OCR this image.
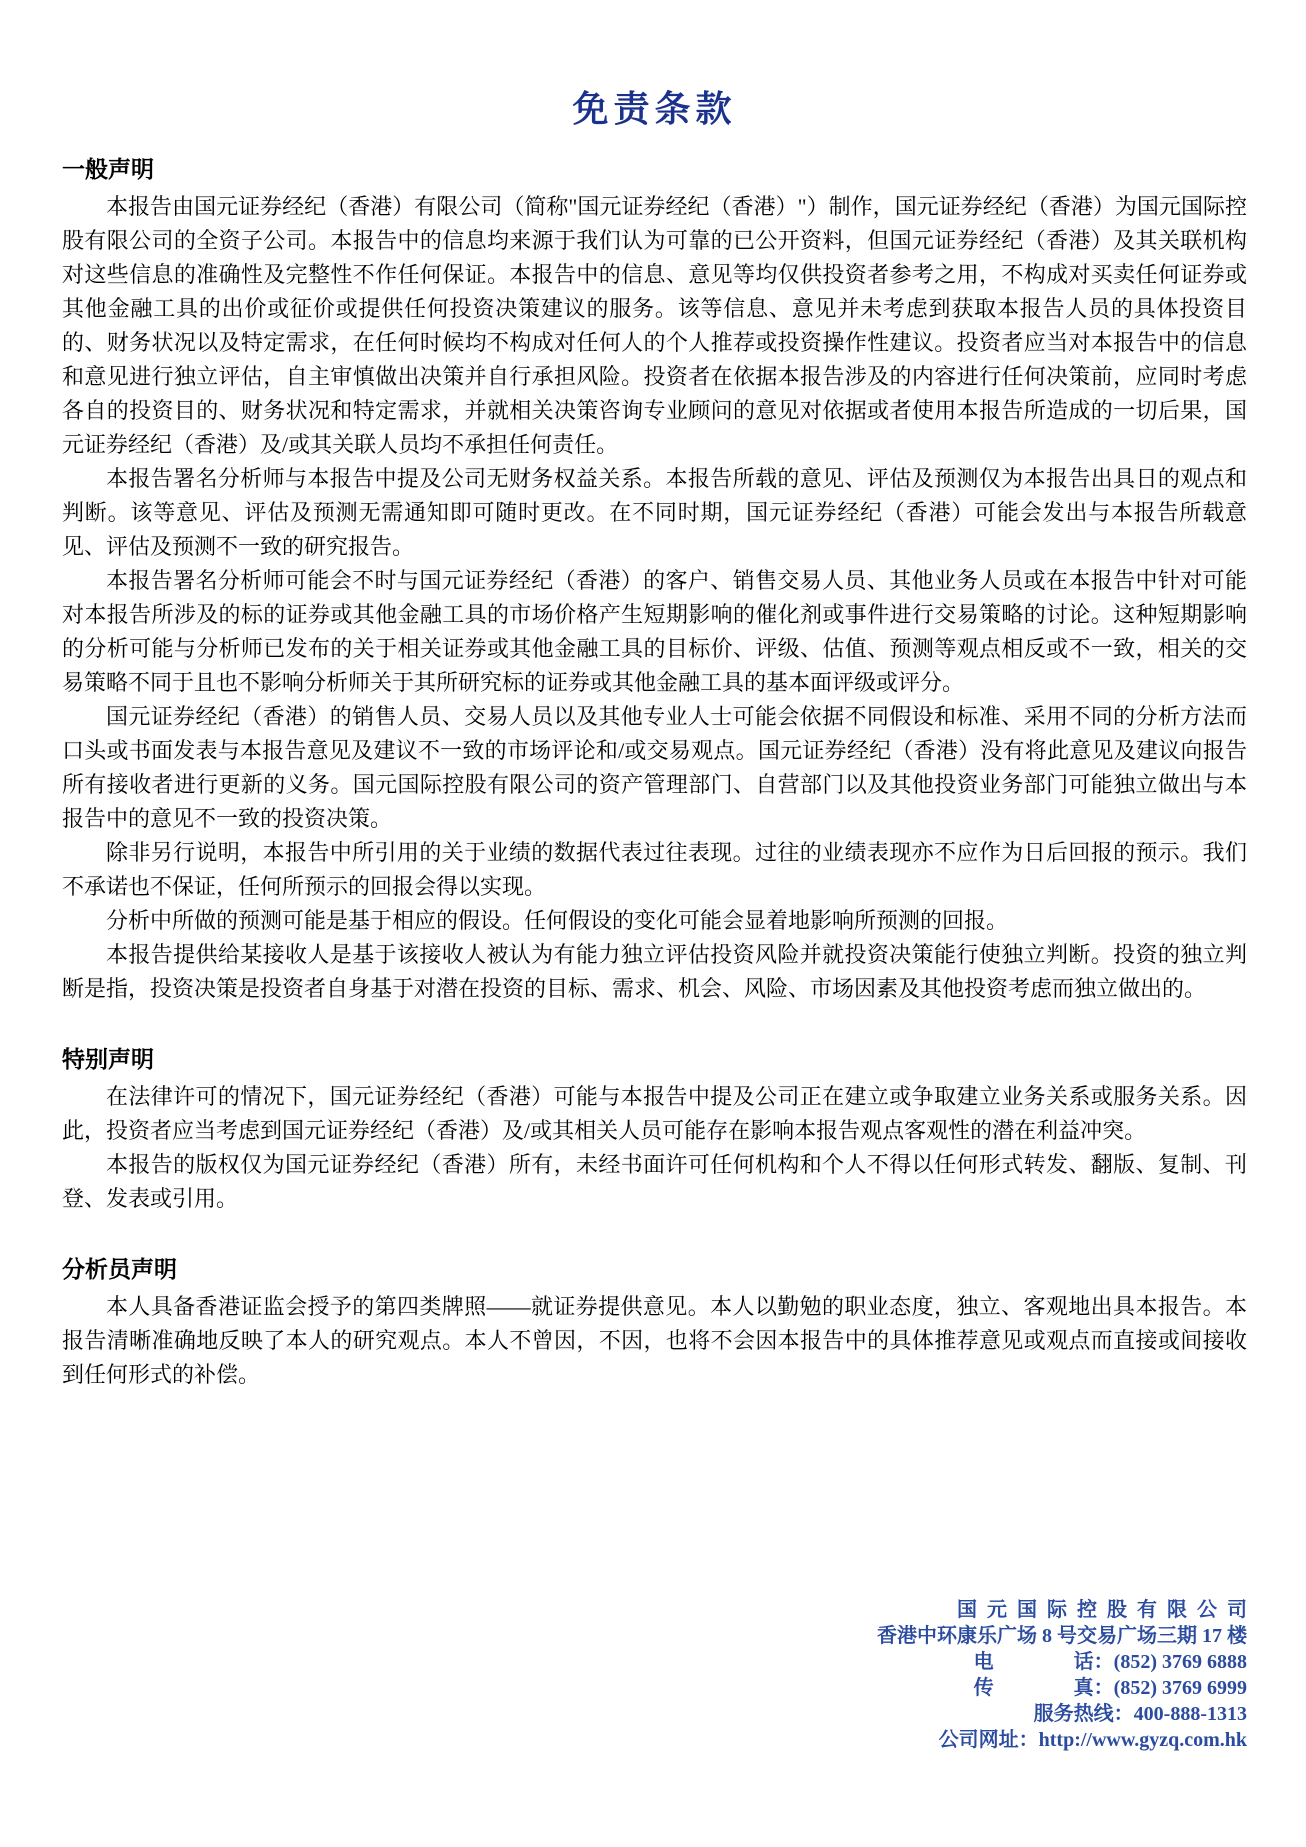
免责条款
一般声明

本报告由国元证券经纪（香港）有限公司（简称"国元证券经纪（香港）"）制作，国元证券经纪（香港）为国元国际控股有限公司的全资子公司。本报告中的信息均来源于我们认为可靠的已公开资料，但国元证券经纪（香港）及其关联机构对这些信息的准确性及完整性不作任何保证。本报告中的信息、意见等均仅供投资者参考之用，不构成对买卖任何证券或其他金融工具的出价或征价或提供任何投资决策建议的服务。该等信息、意见并未考虑到获取本报告人员的具体投资目的、财务状况以及特定需求，在任何时候均不构成对任何人的个人推荐或投资操作性建议。投资者应当对本报告中的信息和意见进行独立评估，自主审慎做出决策并自行承担风险。投资者在依据本报告涉及的内容进行任何决策前，应同时考虑各自的投资目的、财务状况和特定需求，并就相关决策咨询专业顾问的意见对依据或者使用本报告所造成的一切后果，国元证券经纪（香港）及/或其关联人员均不承担任何责任。

本报告署名分析师与本报告中提及公司无财务权益关系。本报告所载的意见、评估及预测仅为本报告出具日的观点和判断。该等意见、评估及预测无需通知即可随时更改。在不同时期，国元证券经纪（香港）可能会发出与本报告所载意见、评估及预测不一致的研究报告。

本报告署名分析师可能会不时与国元证券经纪（香港）的客户、销售交易人员、其他业务人员或在本报告中针对可能对本报告所涉及的标的证券或其他金融工具的市场价格产生短期影响的催化剂或事件进行交易策略的讨论。这种短期影响的分析可能与分析师已发布的关于相关证券或其他金融工具的目标价、评级、估值、预测等观点相反或不一致，相关的交易策略不同于且也不影响分析师关于其所研究标的证券或其他金融工具的基本面评级或评分。

国元证券经纪（香港）的销售人员、交易人员以及其他专业人士可能会依据不同假设和标准、采用不同的分析方法而口头或书面发表与本报告意见及建议不一致的市场评论和/或交易观点。国元证券经纪（香港）没有将此意见及建议向报告所有接收者进行更新的义务。国元国际控股有限公司的资产管理部门、自营部门以及其他投资业务部门可能独立做出与本报告中的意见不一致的投资决策。

除非另行说明，本报告中所引用的关于业绩的数据代表过往表现。过往的业绩表现亦不应作为日后回报的预示。我们不承诺也不保证，任何所预示的回报会得以实现。

分析中所做的预测可能是基于相应的假设。任何假设的变化可能会显着地影响所预测的回报。

本报告提供给某接收人是基于该接收人被认为有能力独立评估投资风险并就投资决策能行使独立判断。投资的独立判断是指，投资决策是投资者自身基于对潜在投资的目标、需求、机会、风险、市场因素及其他投资考虑而独立做出的。

特别声明

在法律许可的情况下，国元证券经纪（香港）可能与本报告中提及公司正在建立或争取建立业务关系或服务关系。因此，投资者应当考虑到国元证券经纪（香港）及/或其相关人员可能存在影响本报告观点客观性的潜在利益冲突。

本报告的版权仅为国元证券经纪（香港）所有，未经书面许可任何机构和个人不得以任何形式转发、翻版、复制、刊登、发表或引用。

分析员声明

本人具备香港证监会授予的第四类牌照——就证券提供意见。本人以勤勉的职业态度，独立、客观地出具本报告。本报告清晰准确地反映了本人的研究观点。本人不曾因，不因，也将不会因本报告中的具体推荐意见或观点而直接或间接收到任何形式的补偿。

国元国际控股有限公司
香港中环康乐广场 8 号交易广场三期 17 楼
电　　　　话：(852) 3769 6888
传　　　　真：(852) 3769 6999
服务热线：400-888-1313
公司网址：http://www.gyzq.com.hk
